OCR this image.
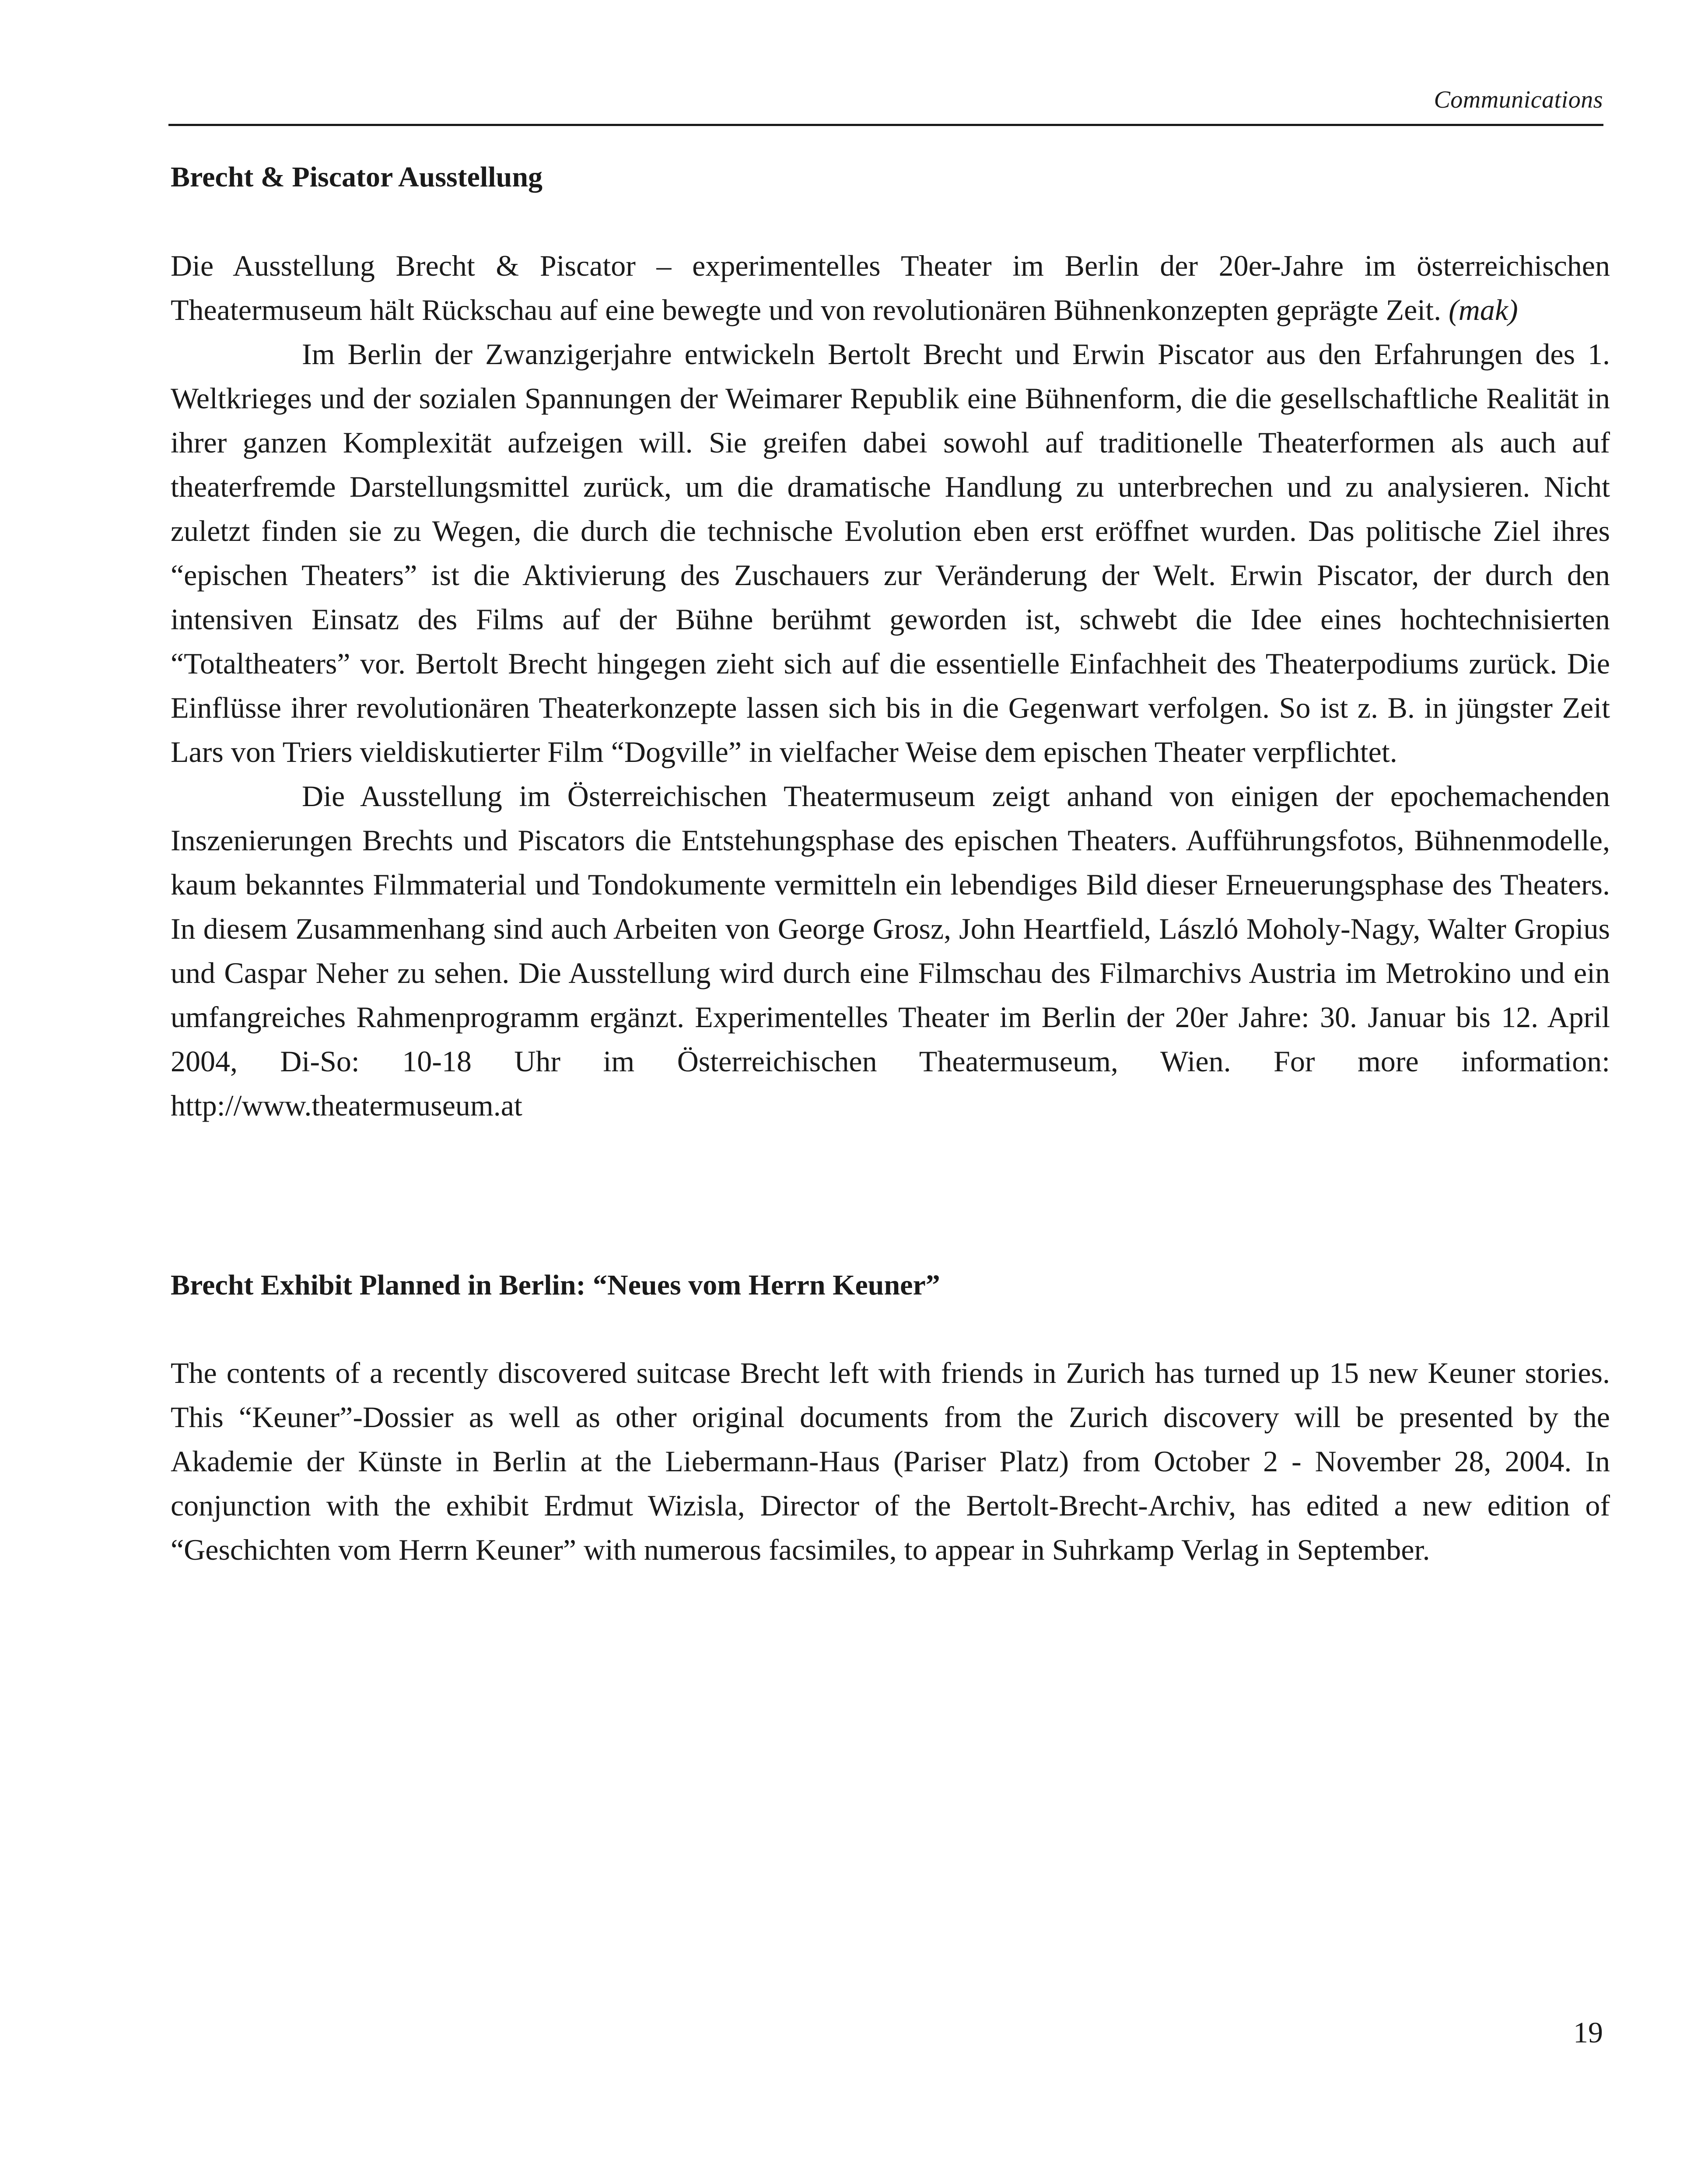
Communications
Brecht & Piscator Ausstellung

Die Ausstellung Brecht & Piscator – experimentelles Theater im Berlin der 20er-Jahre im österreichischen Theatermuseum hält Rückschau auf eine bewegte und von revolutionären Bühnenkonzepten geprägte Zeit. (mak)

Im Berlin der Zwanzigerjahre entwickeln Bertolt Brecht und Erwin Piscator aus den Erfahrungen des 1. Weltkrieges und der sozialen Spannungen der Weimarer Republik eine Bühnenform, die die gesellschaftliche Realität in ihrer ganzen Komplexität aufzeigen will. Sie greifen dabei sowohl auf traditionelle Theaterformen als auch auf theaterfremde Darstellungsmittel zurück, um die dramatische Handlung zu unterbrechen und zu analysieren. Nicht zuletzt finden sie zu Wegen, die durch die technische Evolution eben erst eröffnet wurden. Das politische Ziel ihres “epischen Theaters” ist die Aktivierung des Zuschauers zur Veränderung der Welt. Erwin Piscator, der durch den intensiven Einsatz des Films auf der Bühne berühmt geworden ist, schwebt die Idee eines hochtechnisierten “Totaltheaters” vor. Bertolt Brecht hingegen zieht sich auf die essentielle Einfachheit des Theaterpodiums zurück. Die Einflüsse ihrer revolutionären Theaterkonzepte lassen sich bis in die Gegenwart verfolgen. So ist z. B. in jüngster Zeit Lars von Triers vieldiskutierter Film “Dogville” in vielfacher Weise dem epischen Theater verpflichtet.

Die Ausstellung im Österreichischen Theatermuseum zeigt anhand von einigen der epochemachenden Inszenierungen Brechts und Piscators die Entstehungsphase des epischen Theaters. Aufführungsfotos, Bühnenmodelle, kaum bekanntes Filmmaterial und Tondokumente vermitteln ein lebendiges Bild dieser Erneuerungsphase des Theaters. In diesem Zusammenhang sind auch Arbeiten von George Grosz, John Heartfield, Lászlό Moholy-Nagy, Walter Gropius und Caspar Neher zu sehen. Die Ausstellung wird durch eine Filmschau des Filmarchivs Austria im Metrokino und ein umfangreiches Rahmenprogramm ergänzt. Experimentelles Theater im Berlin der 20er Jahre: 30. Januar bis 12. April 2004, Di-So: 10-18 Uhr im Österreichischen Theatermuseum, Wien. For more information: http://www.theatermuseum.at

Brecht Exhibit Planned in Berlin: “Neues vom Herrn Keuner”

The contents of a recently discovered suitcase Brecht left with friends in Zurich has turned up 15 new Keuner stories. This “Keuner”-Dossier as well as other original documents from the Zurich discovery will be presented by the Akademie der Künste in Berlin at the Liebermann-Haus (Pariser Platz) from October 2 - November 28, 2004. In conjunction with the exhibit Erdmut Wizisla, Director of the Bertolt-Brecht-Archiv, has edited a new edition of “Geschichten vom Herrn Keuner” with numerous facsimiles, to appear in Suhrkamp Verlag in September.

19
